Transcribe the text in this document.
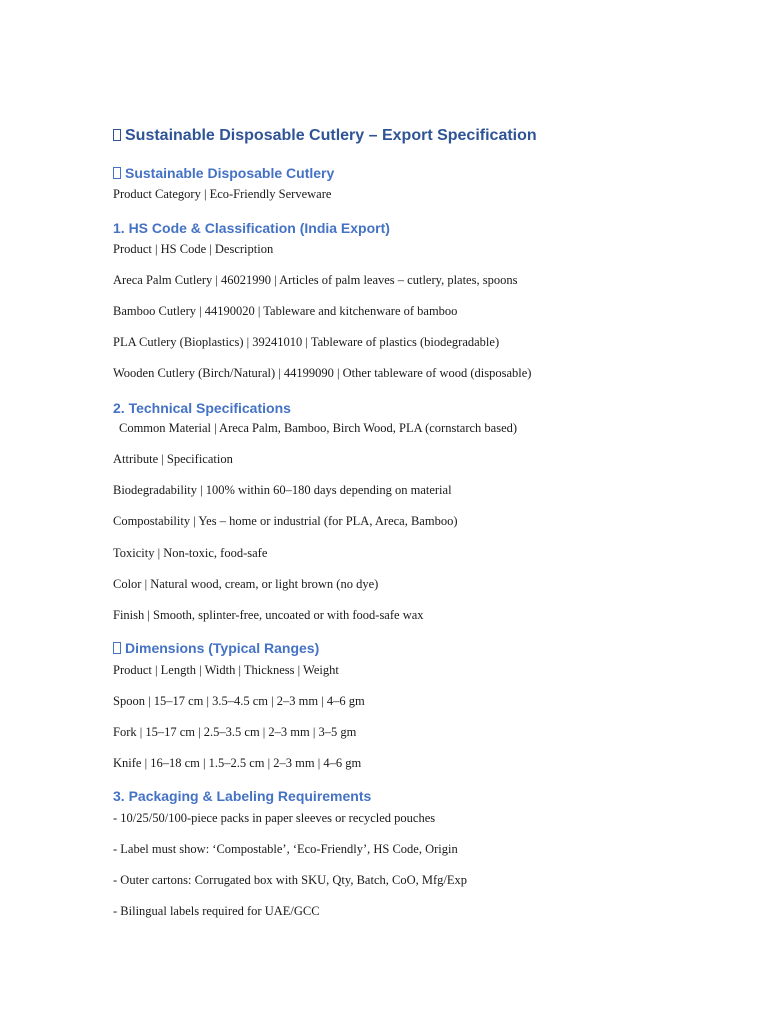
Sustainable Disposable Cutlery – Export Specification
Sustainable Disposable Cutlery

Product Category | Eco-Friendly Serveware

1. HS Code & Classification (India Export)

Product | HS Code | Description

Areca Palm Cutlery | 46021990 | Articles of palm leaves – cutlery, plates, spoons

Bamboo Cutlery | 44190020 | Tableware and kitchenware of bamboo

PLA Cutlery (Bioplastics) | 39241010 | Tableware of plastics (biodegradable)

Wooden Cutlery (Birch/Natural) | 44199090 | Other tableware of wood (disposable)

2. Technical Specifications

Common Material | Areca Palm, Bamboo, Birch Wood, PLA (cornstarch based)

Attribute | Specification

Biodegradability | 100% within 60–180 days depending on material

Compostability | Yes – home or industrial (for PLA, Areca, Bamboo)

Toxicity | Non-toxic, food-safe

Color | Natural wood, cream, or light brown (no dye)

Finish | Smooth, splinter-free, uncoated or with food-safe wax

Dimensions (Typical Ranges)

Product | Length | Width | Thickness | Weight

Spoon | 15–17 cm | 3.5–4.5 cm | 2–3 mm | 4–6 gm

Fork | 15–17 cm | 2.5–3.5 cm | 2–3 mm | 3–5 gm

Knife | 16–18 cm | 1.5–2.5 cm | 2–3 mm | 4–6 gm

3. Packaging & Labeling Requirements

- 10/25/50/100-piece packs in paper sleeves or recycled pouches

- Label must show: ‘Compostable’, ‘Eco-Friendly’, HS Code, Origin

- Outer cartons: Corrugated box with SKU, Qty, Batch, CoO, Mfg/Exp

- Bilingual labels required for UAE/GCC
